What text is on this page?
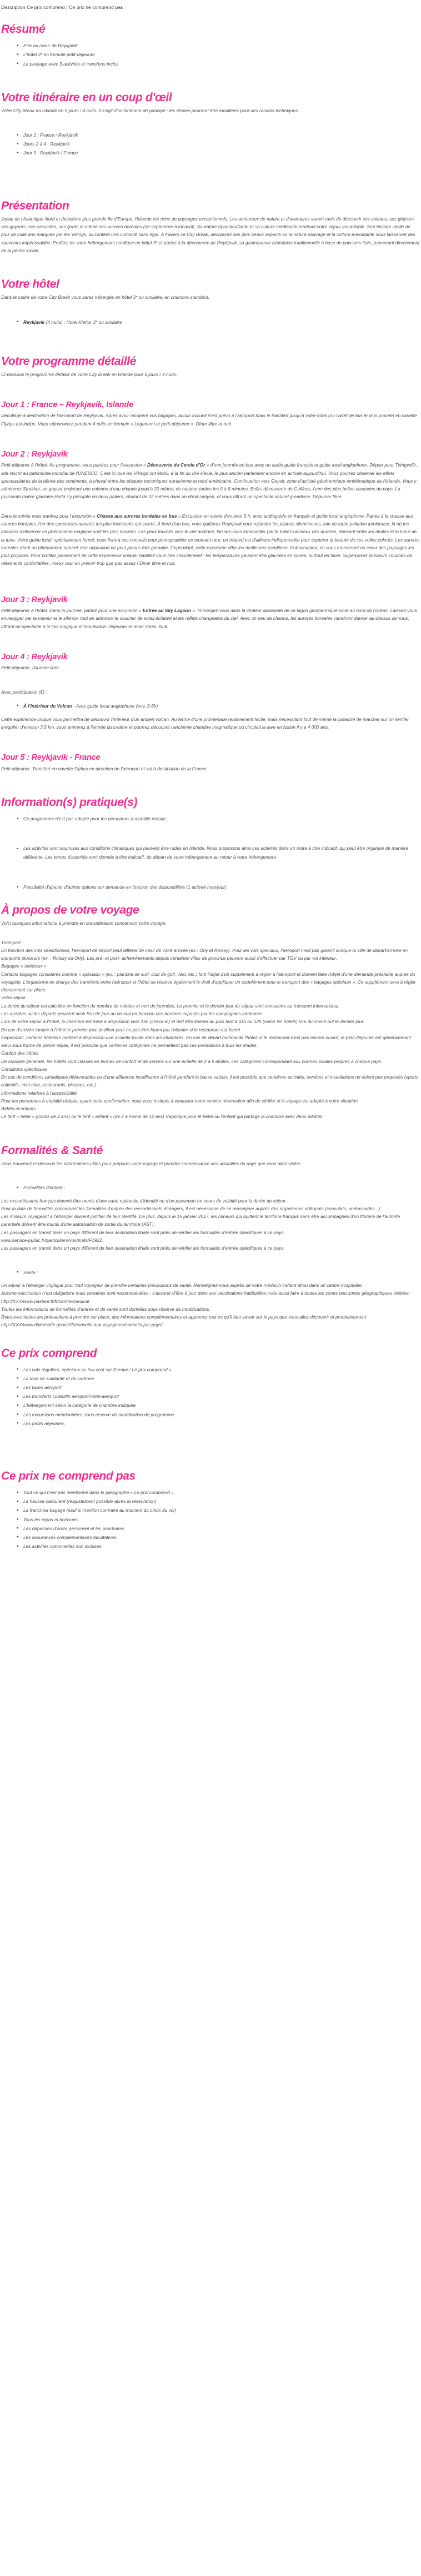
Description Ce prix comprend / Ce prix ne comprend pas
Résumé
• Etre au cœur de Reykjavik
• L'hôtel 3* en formule petit-déjeuner
• Le package avec 3 activités et transferts inclus
Votre itinéraire en un coup d'œil

Votre City Break en Islande en 5 jours / 4 nuits. Il s'agit d'un itinéraire de principe : les étapes pourront être modifiées pour des raisons techniques.

• Jour 1 : France / Reykjavik
• Jours 2 à 4 : Reykjavik
• Jour 5 : Reykjavik / France
Présentation

Joyau de l'Atlantique Nord et deuxième plus grande île d'Europe, l'Islande est riche de paysages exceptionnels. Les amoureux de nature et d'aventures seront ravis de découvrir ses volcans, ses glaciers, ses geysers, ses cascades, ses fjords et même ses aurores boréales (de septembre à mi-avril). Sa nature époustouflante et sa culture médiévale rendront votre séjour inoubliable. Son histoire vieille de plus de mille ans marquée par les Vikings, lui confère une curiosité sans égal. À travers ce City Break, découvrez ses plus beaux aspects où la nature sauvage et la culture envoûtante vous laisseront des souvenirs impérissables. Profitez de votre hébergement nordique en hôtel 3* et partez à la découverte de Reykjavik, sa gastronomie islandaise traditionnelle à base de poissons frais, provenant directement de la pêche locale.

Votre hôtel

Dans le cadre de votre City Break vous serez hébergés en hôtel 3* ou similaire, en chambre standard.

• Reykjavik (4 nuits) : Hotel Klettur 3* ou similaire
Votre programme détaillé

Ci-dessous le programme détaillé de votre City Break en Islande pour 5 jours / 4 nuits.

Jour 1 : France – Reykjavik, Islande

Décollage à destination de l'aéroport de Reykjavik. Après avoir récupéré vos bagages, aucun accueil n'est prévu à l'aéroport mais le transfert jusqu'à votre hôtel (ou l'arrêt de bus le plus proche) en navette Flybus est inclus. Vous séjournerez pendant 4 nuits en formule « Logement et petit-déjeuner ». Dîner libre et nuit.

Jour 2 : Reykjavik

Petit-déjeuner à l'hôtel. Au programme, vous partirez pour l'excursion « Découverte du Cercle d'Or » d'une journée en bus avec un audio guide français et guide local anglophone. Départ pour Thingvellir, site inscrit au patrimoine mondial de l'UNESCO. C'est ici que les Vikings ont établi, à la fin du IXe siècle, le plus ancien parlement encore en activité aujourd'hui. Vous pourrez observer les effets spectaculaires de la dérive des continents, à cheval entre les plaques tectoniques eurasienne et nord-américaine. Continuation vers Geysir, zone d'activité géothermique emblématique de l'Islande. Vous y admirerez Strokkur, un geyser projetant une colonne d'eau chaude jusqu'à 20 mètres de hauteur toutes les 5 à 8 minutes. Enfin, découverte de Gullfoss, l'une des plus belles cascades du pays. La puissante rivière glaciaire Hvítá s'y précipite en deux paliers, chutant de 32 mètres dans un étroit canyon, et vous offrant un spectacle naturel grandiose. Déjeuner libre.

Dans la soirée vous partirez pour l'excursion « Chasse aux aurores boréales en bus » Excursion en soirée d'environ 3 h, avec audioguide en français et guide local anglophone. Partez à la chasse aux aurores boréales, l'un des spectacles naturels les plus fascinants qui soient. À bord d'un bus, vous quitterez Reykjavik pour rejoindre les plaines silencieuses, loin de toute pollution lumineuse, là où les chances d'observer ce phénomène magique sont les plus élevées. Les yeux tournés vers le ciel arctique, laissez-vous émerveiller par le ballet lumineux des aurores, dansant entre les étoiles et la lueur de la lune. Votre guide local, spécialement formé, vous livrera ses conseils pour photographier ce moment rare, un trépied est d'ailleurs indispensable pour capturer la beauté de ces voiles colorés. Les aurores boréales étant un phénomène naturel, leur apparition ne peut jamais être garantie. Cependant, cette excursion offre les meilleures conditions d'observation, en vous emmenant au cœur des paysages les plus propices. Pour profiter pleinement de cette expérience unique, habillez-vous très chaudement : les températures peuvent être glaciales en soirée, surtout en hiver. Superposez plusieurs couches de vêtements confortables, mieux vaut en prévoir trop que pas assez ! Dîner libre et nuit.

Jour 3 : Reykjavik

Petit-déjeuner à l'hôtel. Dans la journée, partez pour une excursion « Entrée au Sky Lagoon ». Immergez-vous dans la chaleur apaisante de ce lagon géothermique situé au bord de l'océan. Laissez-vous envelopper par la vapeur et le silence, tout en admirant le coucher de soleil éclatant et les reflets changeants du ciel. Avec un peu de chance, les aurores boréales viendront danser au-dessus de vous, offrant un spectacle à la fois magique et inoubliable. Déjeuner et dîner libres. Nuit.

Jour 4 : Reykjavik

Petit-déjeuner. Journée libre.

Avec participation (€) :

• À l'intérieur du Volcan - Avec guide local anglophone (env. 5-6h)

Cette expérience unique vous permettra de découvrir l'intérieur d'un ancien volcan. Au terme d'une promenade relativement facile, mais nécessitant tout de même la capacité de marcher sur un sentier irrégulier d'environ 3,5 km, vous arriverez à l'entrée du cratère et pourrez découvrir l'ancienne chambre magmatique où circulait la lave en fusion il y a 4 000 ans.

Jour 5 : Reykjavik - France

Petit-déjeuner. Transfert en navette Flybus en direction de l'aéroport et vol à destination de la France.

Information(s) pratique(s)
• Ce programme n'est pas adapté pour les personnes à mobilité réduite.
• Les activités sont soumises aux conditions climatiques qui peuvent être rudes en Islande. Nous proposons ainsi ces activités dans un ordre à titre indicatif, qui peut être organisé de manière différente. Les temps d'activités sont donnés à titre indicatif, du départ de votre hébergement au retour à votre hébergement.
• Possibilité d'ajouter d'autres options sur demande en fonction des disponibilités (1 activité max/jour).
À propos de votre voyage

Voici quelques informations à prendre en considération concernant votre voyage.

Transport

En fonction des vols sélectionnés, l'aéroport de départ peut différer de celui de votre arrivée (ex : Orly et Roissy). Pour les vols spéciaux, l'aéroport n'est pas garanti lorsque la ville de départ/arrivée en comporte plusieurs (ex. : Roissy ou Orly). Les pré- et post- acheminements depuis certaines villes de province peuvent aussi s'effectuer par TGV ou par vol intérieur.

Bagages « spéciaux »

Certains bagages considérés comme « spéciaux » (ex. : planche de surf, club de golf, vélo, etc.) font l'objet d'un supplément à régler à l'aéroport et doivent faire l'objet d'une demande préalable auprès du voyagiste. L'organisme en charge des transferts entre l'aéroport et l'hôtel se réserve également le droit d'appliquer un supplément pour le transport des « bagages spéciaux ». Ce supplément sera à régler directement sur place.

Votre séjour

La durée du séjour est calculée en fonction du nombre de nuitées et non de journées. Le premier et le dernier jour du séjour sont consacrés au transport international.

Les arrivées ou les départs peuvent avoir lieu de jour ou de nuit en fonction des horaires imposés par les compagnies aériennes.

Lors de votre séjour à l'hôtel, la chambre est mise à disposition vers 15h (check-in) et doit être libérée au plus tard à 11h ou 12h (selon les hôtels) lors du check-out le dernier jour.

En cas d'arrivée tardive à l'hôtel le premier jour, le dîner peut ne pas être fourni par l'hôtelier si le restaurant est fermé.

Cependant, certains hôteliers mettent à disposition une assiette froide dans les chambres. En cas de départ matinal de l'hôtel, si le restaurant n'est pas encore ouvert, le petit-déjeuner est généralement servi sous forme de panier repas, il est possible que certaines catégories ne permettent pas ces prestations à tous les stades.

Confort des hôtels

De manière générale, les hôtels sont classés en termes de confort et de service sur une échelle de 2 à 5 étoiles, ces catégories correspondant aux normes locales propres à chaque pays.

Conditions spécifiques

En cas de conditions climatiques défavorables ou d'une affluence insuffisante à l'hôtel pendant la basse saison, il est possible que certaines activités, services et installations ne soient pas proposés (sports collectifs, mini-club, restaurants, piscines, etc.).

Informations relatives à l'accessibilité

Pour les personnes à mobilité réduite, ayant toute confirmation, nous vous invitons à contacter notre service réservation afin de vérifier si le voyage est adapté à votre situation.

Bébés et enfants

Le tarif « bébé » (moins de 2 ans) ou le tarif « enfant » (de 2 à moins de 12 ans) s'applique pour le bébé ou l'enfant qui partage la chambre avec deux adultes.

Formalités & Santé

Vous trouverez ci-dessous les informations utiles pour préparer votre voyage et prendre connaissance des actualités du pays que vous allez visiter.

• Formalités d'entrée :

Les ressortissants français doivent être munis d'une carte nationale d'identité ou d'un passeport en cours de validité pour la durée du séjour.

Pour la date de formalités concernant les formalités d'entrée des ressortissants étrangers, il est nécessaire de se renseigner auprès des organismes adéquats (consulats, ambassades...).

Les mineurs voyageant à l'étranger doivent justifier de leur identité. De plus, depuis le 15 janvier 2017, les mineurs qui quittent le territoire français sans être accompagnés d'un titulaire de l'autorité parentale doivent être munis d'une autorisation de sortie du territoire (AST).

Les passagers en transit dans un pays différent de leur destination finale sont priés de vérifier les formalités d'entrée spécifiques à ce pays.

www.service-public.fr/particuliers/vosdroits/F1922

Les passagers en transit dans un pays différent de leur destination finale sont priés de vérifier les formalités d'entrée spécifiques à ce pays.

• Santé :

Un séjour à l'étranger implique pour tout voyageur de prendre certaines précautions de santé. Renseignez-vous auprès de votre médecin traitant et/ou dans un centre hospitalier.

Aucune vaccination n'est obligatoire mais certaines sont recommandées : s'assurer d'être à jour dans ses vaccinations habituelles mais aussi faire à toutes les zones peu zones géographiques visitées.

http://XXX/www.pasteur.fr/fr/centre-medical

Toutes les informations de formalités d'entrée et de santé sont données sous réserve de modifications.

Retrouvez toutes les précautions à prendre sur place, des informations complémentaires et apprenez tout ce qu'il faut savoir sur le pays que vous allez découvrir et prochainement.

http://XXX/www.diplomatie.gouv.fr/fr/conseils-aux-voyageurs/conseils-par-pays/

Ce prix comprend
• Les vols réguliers, spéciaux ou low cost sur Europe / Le prix comprend »
• La taxe de solidarité et de carbone
• Les taxes aéroport
• Les transferts collectifs aéroport-hôtel-aéroport
• L'hébergement selon la catégorie de chambre indiquée
• Les excursions mentionnées, sous réserve de modification de programme
• Les petits déjeuners
Ce prix ne comprend pas
• Tout ce qui n'est pas mentionné dans le paragraphe « Le prix comprend »
• La hausse carburant (réajustement possible après la réservation)
• La franchise bagage (sauf si mention contraire au moment du choix du vol)
• Tous les repas et boissons
• Les dépenses d'ordre personnel et les pourboires
• Les assurances complémentaires facultatives.
• Les activités optionnelles non incluses
